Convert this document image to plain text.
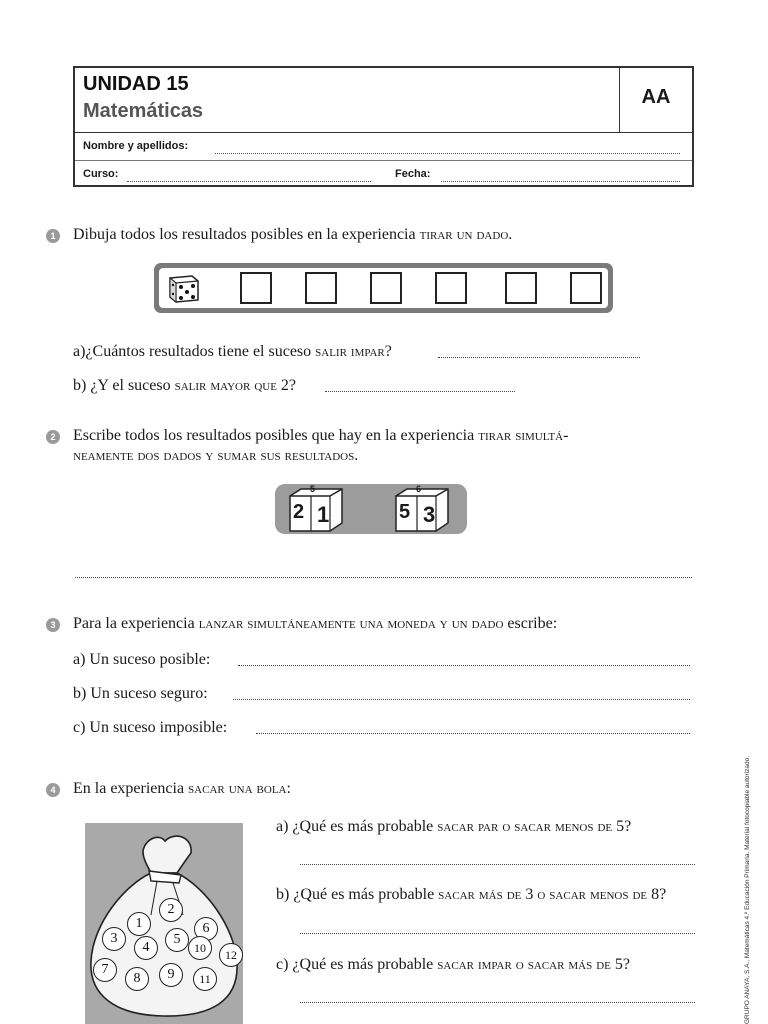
UNIDAD 15
Matemáticas
AA
Nombre y apellidos:
Curso:	Fecha:
1 Dibuja todos los resultados posibles en la experiencia tirar un dado.
a)¿Cuántos resultados tiene el suceso salir impar?
b) ¿Y el suceso salir mayor que 2?
2 Escribe todos los resultados posibles que hay en la experiencia tirar simultá-
neamente dos dados y sumar sus resultados.
5
2 1
6
5 3
3 Para la experiencia lanzar simultáneamente una moneda y un dado escribe:
a) Un suceso posible:
b) Un suceso seguro:
c) Un suceso imposible:
4 En la experiencia sacar una bola:
1
2
3
4
5
6
7
8	9
10
11
12
a) ¿Qué es más probable sacar par o sacar menos de 5?
b) ¿Qué es más probable sacar más de 3 o sacar menos de 8?
c) ¿Qué es más probable sacar impar o sacar más de 5?	GRUPO ANAYA, S.A., Matemáticas 4.º Educación Primaria. Material fotocopiable autorizado.
